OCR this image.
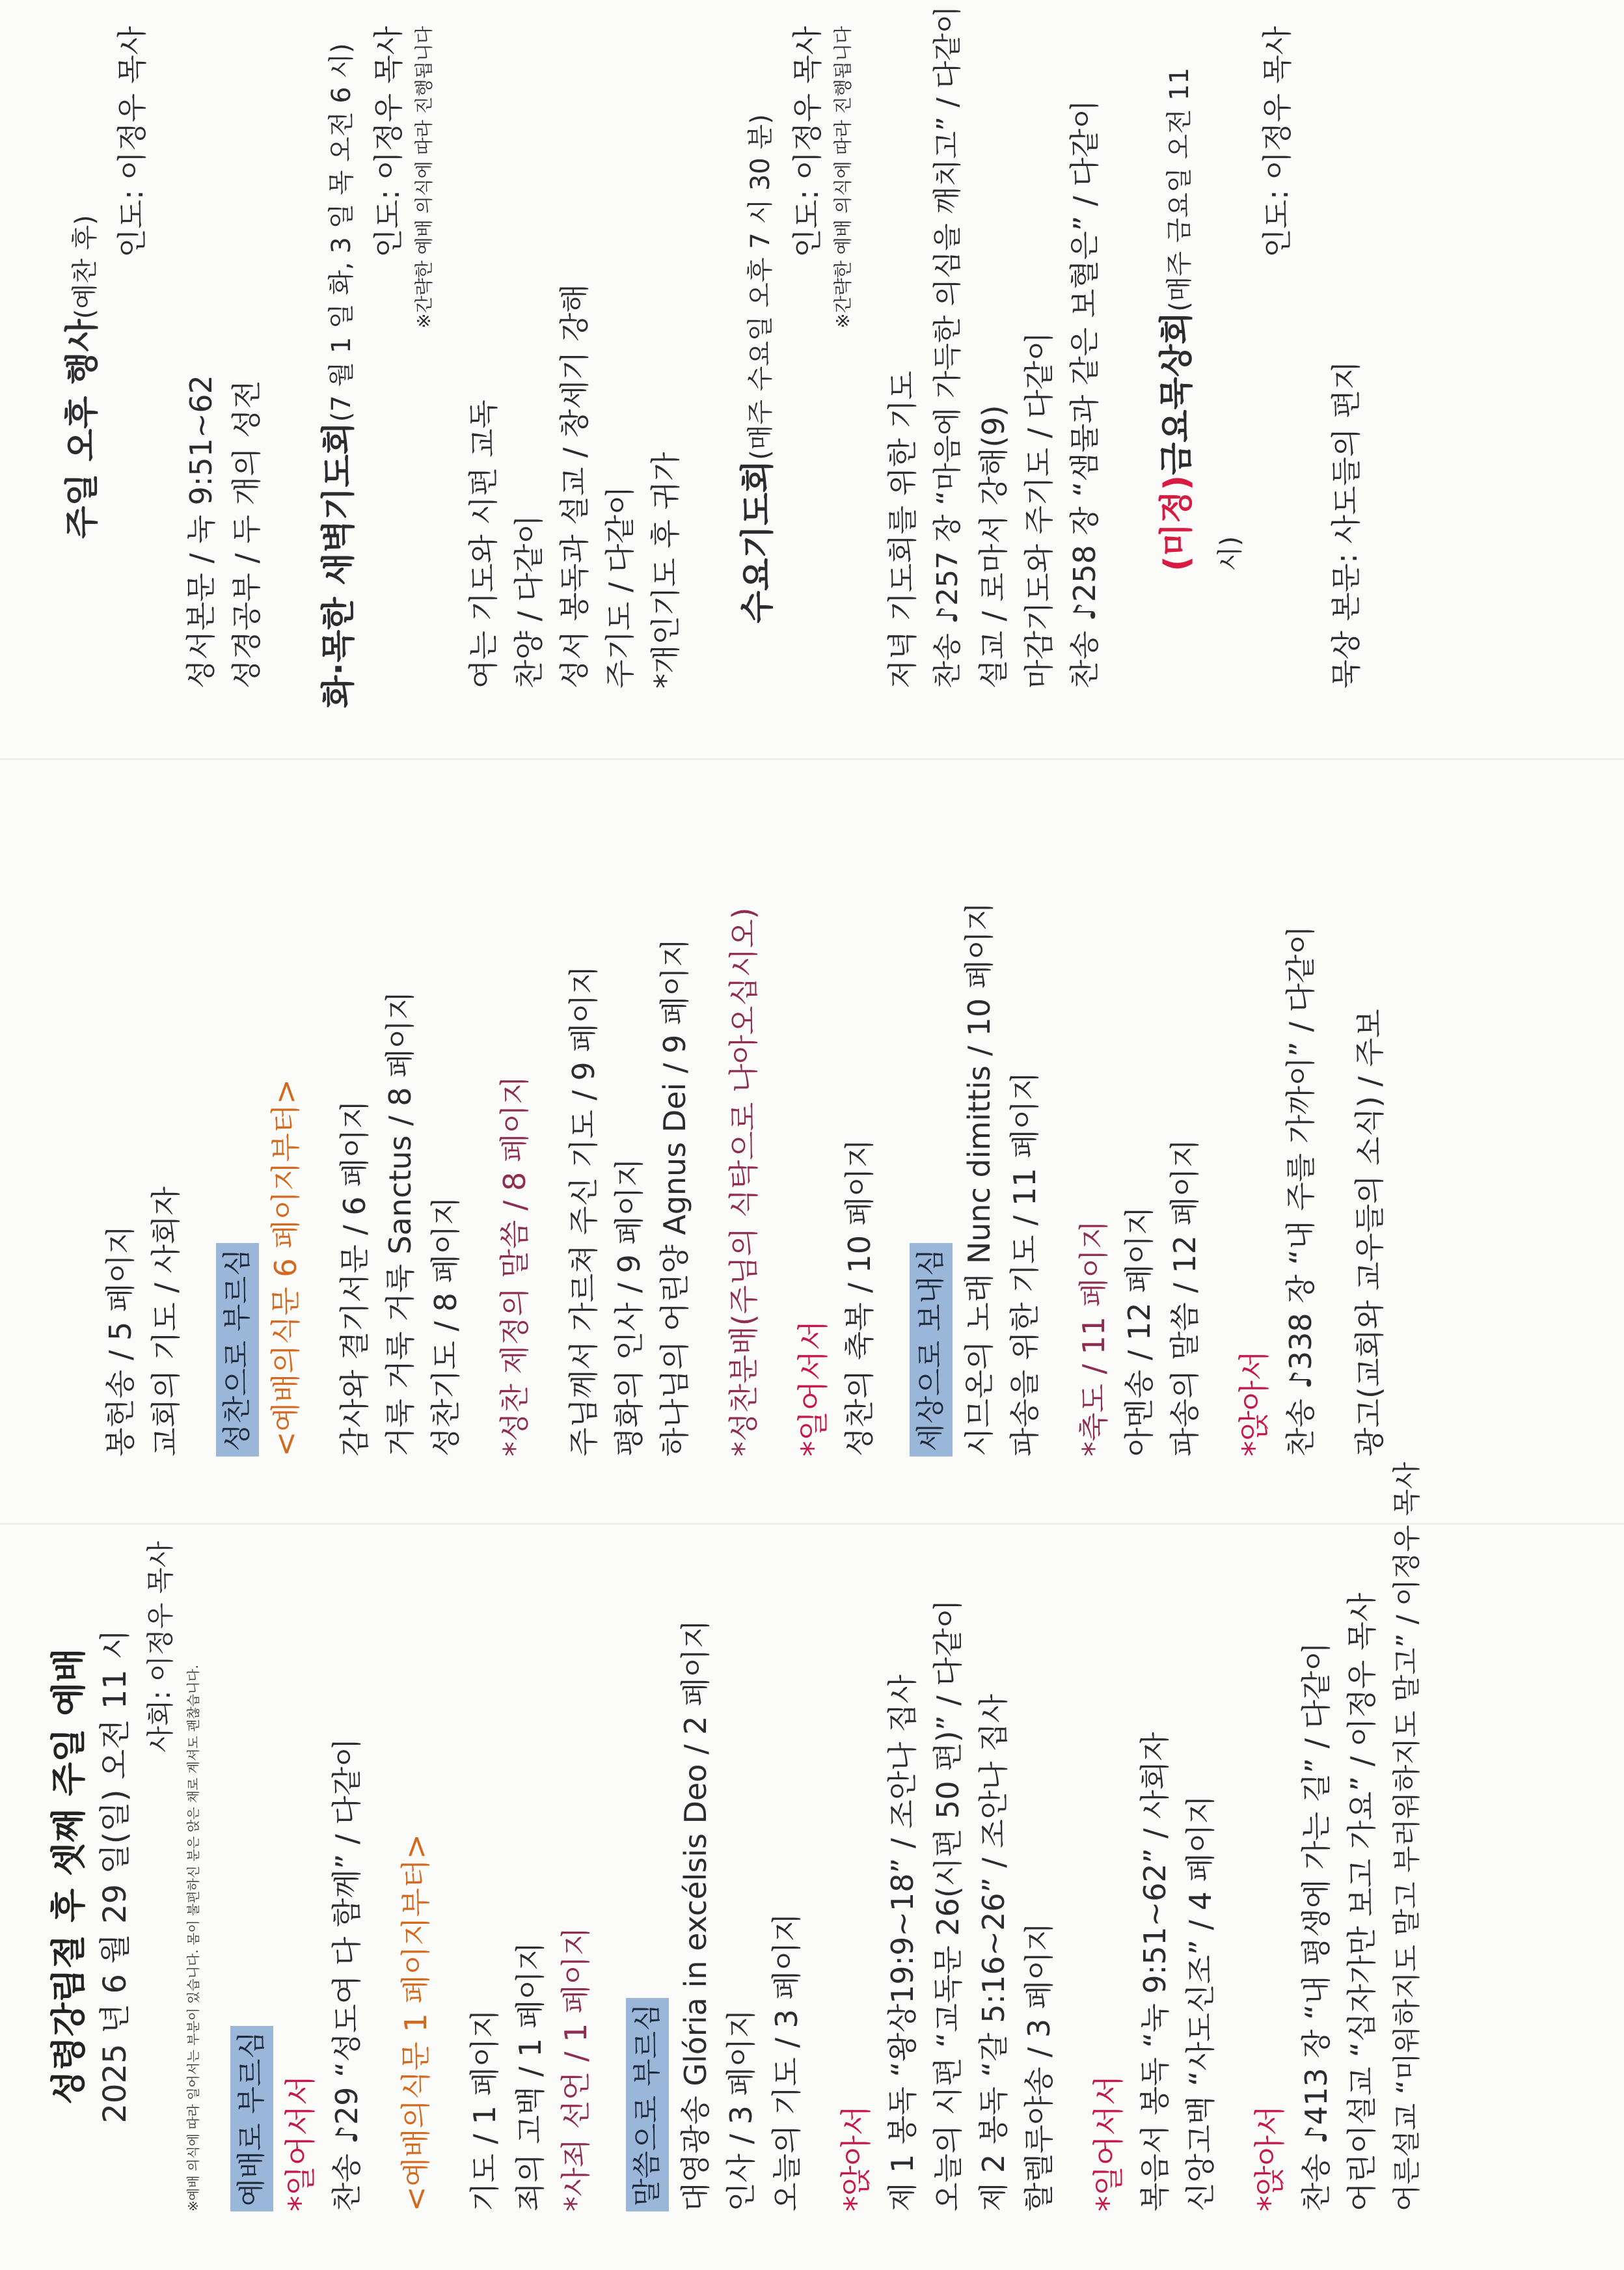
성령강림절 후 셋째 주일 예배 2025 년 6 월 29 일(일) 오전 11 시 사회: 이정우 목사
※예배 의식에 따라 일어서는 부분이 있습니다. 몸이 불편하신 분은 앉은 채로 계셔도 괜찮습니다. 예배로 부르심 *일어서서 찬송 ♪29 “성도여 다 함께” / 다같이 <예배의식문 1 페이지부터> 기도 / 1 페이지 죄의 고백 / 1 페이지 *사죄 선언 / 1 페이지 말씀으로 부르심 대영광송 Glória in excélsis Deo / 2 페이지 인사 / 3 페이지 오늘의 기도 / 3 페이지 *앉아서 제 1 봉독 “왕상19:9~18” / 조안나 집사 오늘의 시편 “교독문 26(시편 50 편)” / 다같이 제 2 봉독 “갈 5:16~26” / 조안나 집사 할렐루야송 / 3 페이지 *일어서서 복음서 봉독 “눅 9:51~62” / 사회자 신앙고백 “사도신조” / 4 페이지 *앉아서 찬송 ♪413 장 “내 평생에 가는 길” / 다같이 어린이설교 “십자가만 보고 가요” / 이정우 목사 어른설교 “미워하지도 말고 부러워하지도 말고” / 이정우 목사
봉헌송 / 5 페이지 교회의 기도 / 사회자 성찬으로 부르심 <예배의식문 6 페이지부터> 감사와 결기서문 / 6 페이지 거룩 거룩 거룩 Sanctus / 8 페이지 성찬기도 / 8 페이지 *성찬 제정의 말씀 / 8 페이지 주님께서 가르쳐 주신 기도 / 9 페이지 평화의 인사 / 9 페이지 하나님의 어린양 Agnus Dei / 9 페이지 *성찬분배(주님의 식탁으로 나아오십시오) *일어서서 성찬의 축복 / 10 페이지 세상으로 보내심 시므온의 노래 Nunc dimittis / 10 페이지 파송을 위한 기도 / 11 페이지 *축도 / 11 페이지 아멘송 / 12 페이지 파송의 말씀 / 12 페이지 *앉아서 찬송 ♪338 장 “내 주를 가까이” / 다같이 광고(교회와 교우들의 소식) / 주보
주일 오후 행사(예찬 후)
인도: 이정우 목사
성서본문 / 눅 9:51~62 성경공부 / 두 개의 성전 화·목한 새벽기도회(7 월 1 일 화, 3 일 목 오전 6 시) 인도: 이정우 목사 ※간략한 예배 의식에 따라 진행됩니다
여는 기도와 시편 교독 찬양 / 다같이 성서 봉독과 설교 / 창세기 강해 주기도 / 다같이 *개인기도 후 귀가 수요기도회(매주 수요일 오후 7 시 30 분) 인도: 이정우 목사 ※간략한 예배 의식에 따라 진행됩니다
저녁 기도회를 위한 기도 찬송 ♪257 장 “마음에 가득한 의심을 깨치고” / 다같이 설교 / 로마서 강해(9) 마감기도와 주기도 / 다같이 찬송 ♪258 장 “샘물과 같은 보혈은” / 다같이 (미정)금요묵상회(매주 금요일 오전 11 시)
인도: 이정우 목사
묵상 본문: 사도들의 편지
